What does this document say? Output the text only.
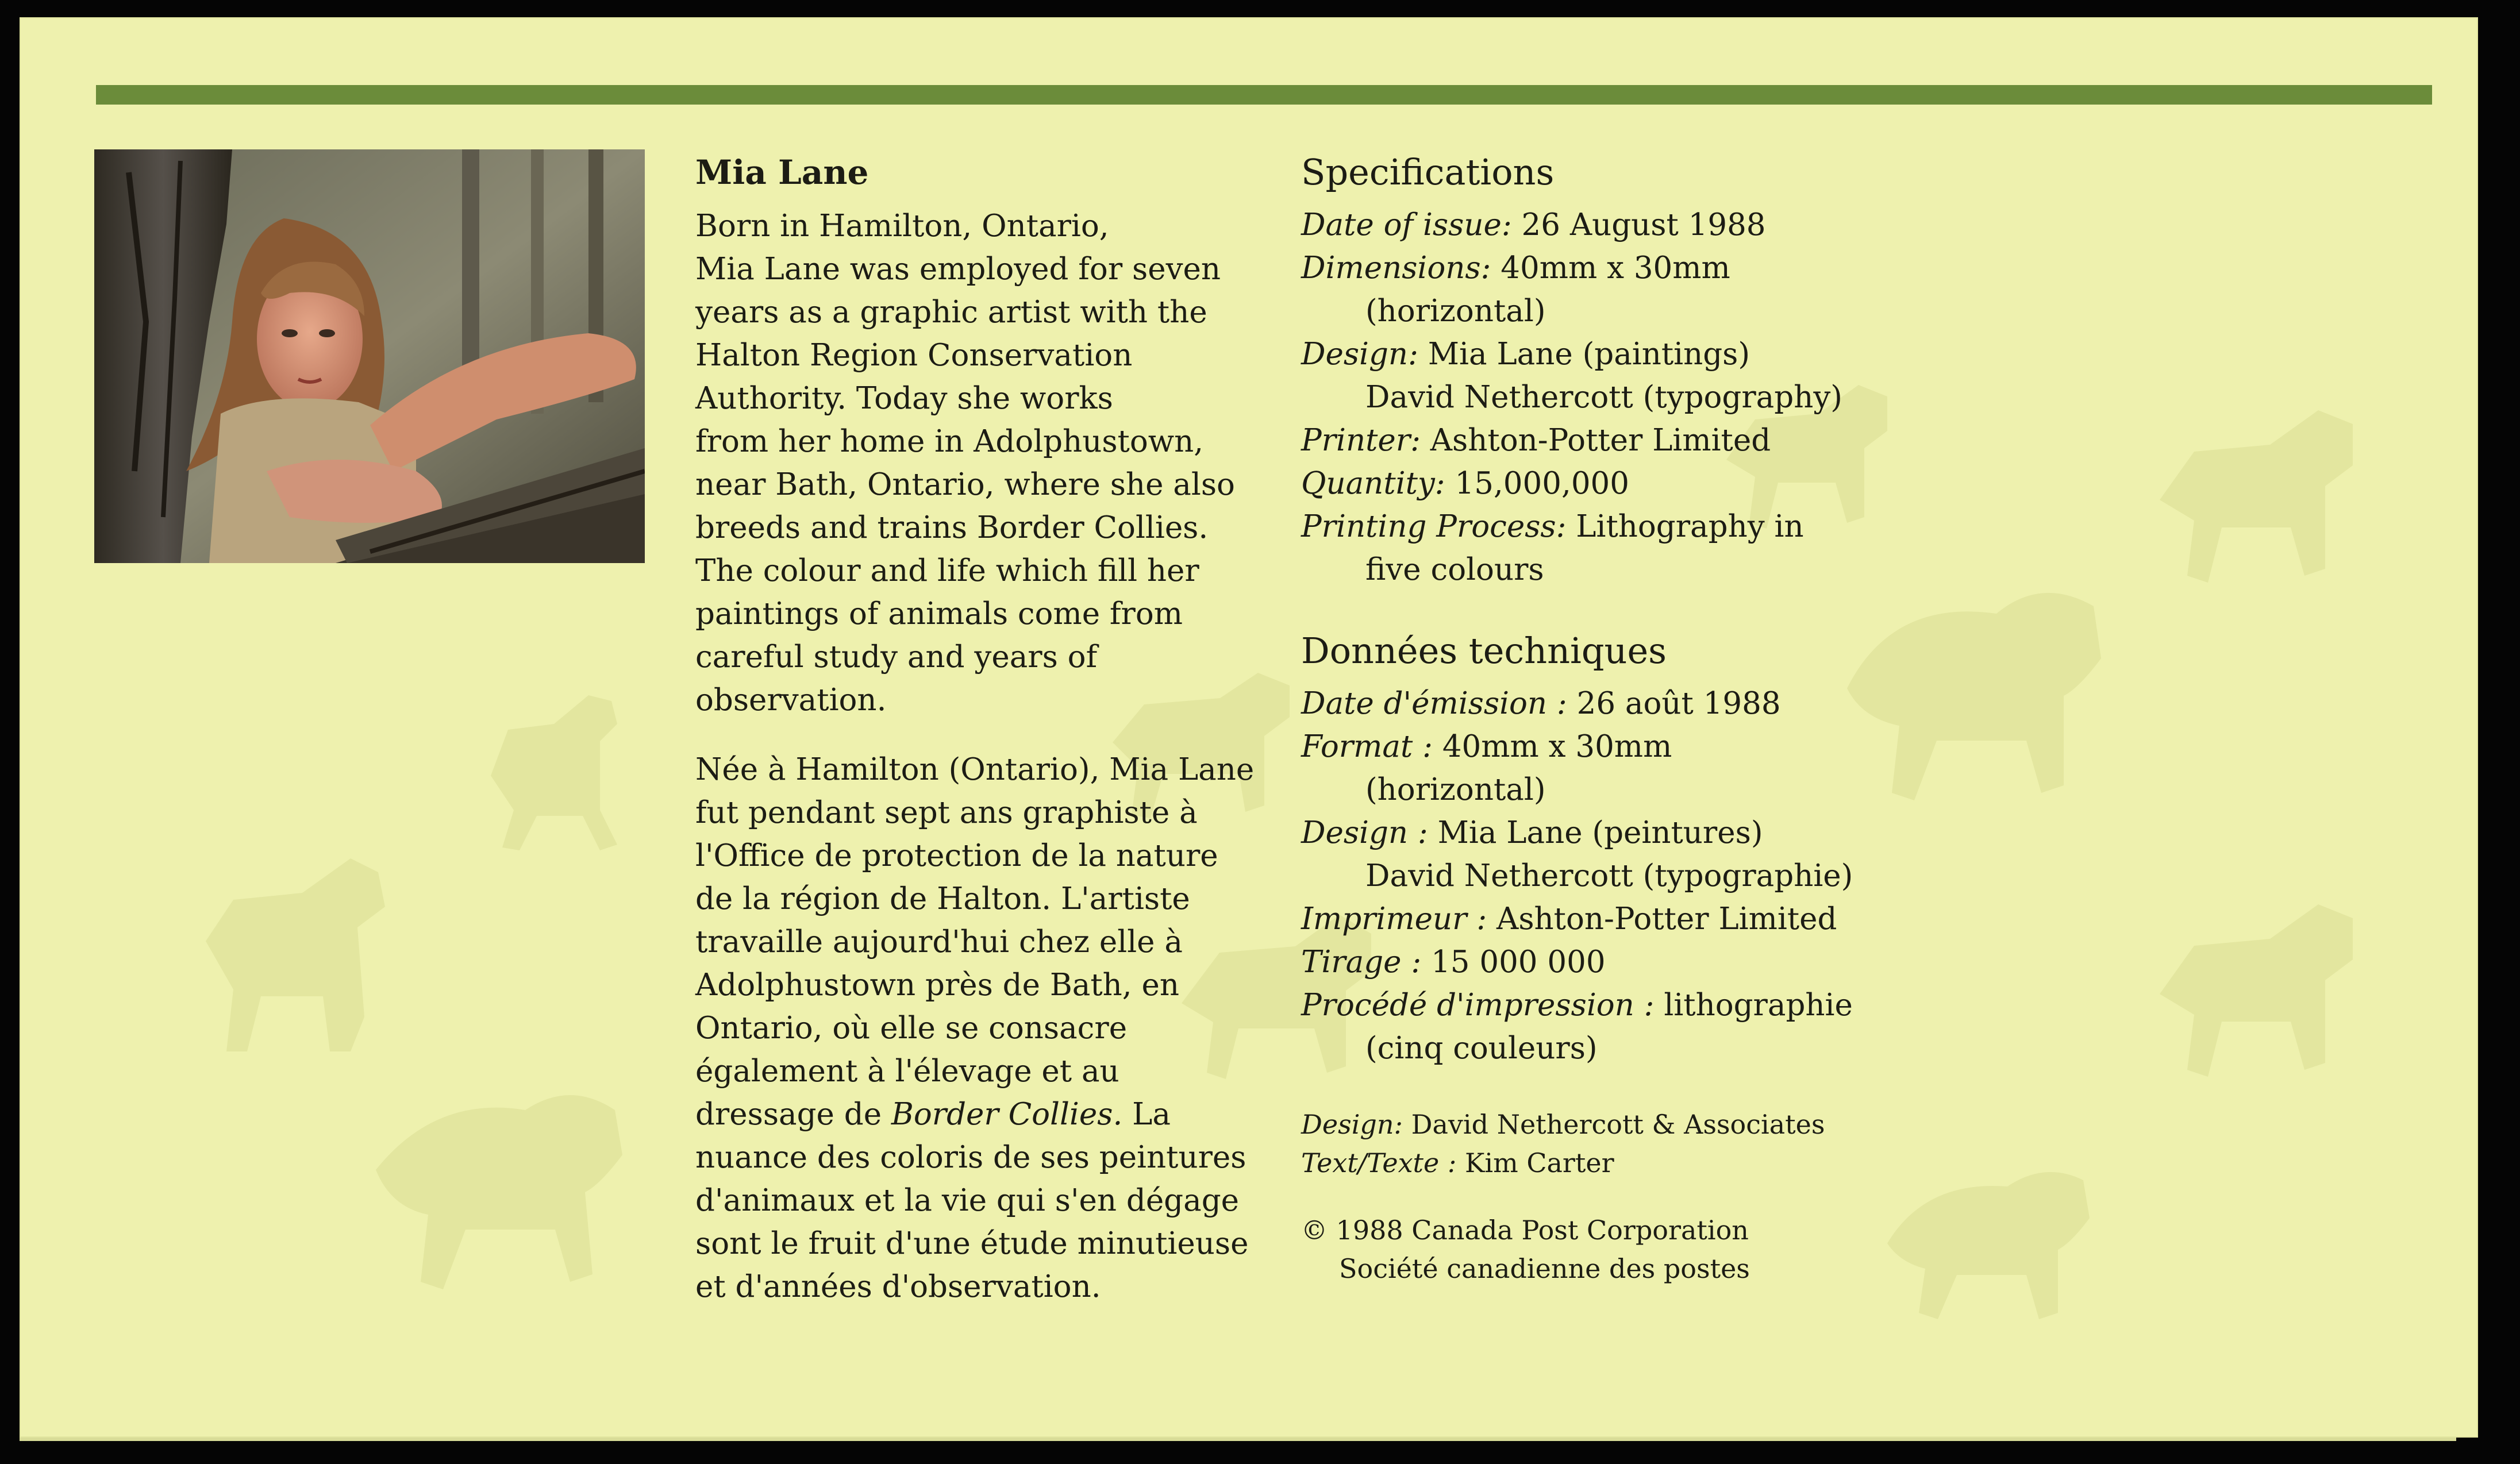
Mia Lane

Born in Hamilton, Ontario,
Mia Lane was employed for seven
years as a graphic artist with the
Halton Region Conservation
Authority. Today she works
from her home in Adolphustown,
near Bath, Ontario, where she also
breeds and trains Border Collies.
The colour and life which fill her
paintings of animals come from
careful study and years of
observation.

Née à Hamilton (Ontario), Mia Lane
fut pendant sept ans graphiste à
l'Office de protection de la nature
de la région de Halton. L'artiste
travaille aujourd'hui chez elle à
Adolphustown près de Bath, en
Ontario, où elle se consacre
également à l'élevage et au
dressage de Border Collies. La
nuance des coloris de ses peintures
d'animaux et la vie qui s'en dégage
sont le fruit d'une étude minutieuse
et d'années d'observation.

Specifications

Date of issue: 26 August 1988

Dimensions: 40mm x 30mm

(horizontal)

Design: Mia Lane (paintings)

David Nethercott (typography)

Printer: Ashton-Potter Limited

Quantity: 15,000,000

Printing Process: Lithography in

five colours

Données techniques

Date d'émission : 26 août 1988

Format : 40mm x 30mm

(horizontal)

Design : Mia Lane (peintures)

David Nethercott (typographie)

Imprimeur : Ashton-Potter Limited

Tirage : 15 000 000

Procédé d'impression : lithographie

(cinq couleurs)

Design: David Nethercott & Associates

Text/Texte : Kim Carter

© 1988 Canada Post Corporation

Société canadienne des postes
